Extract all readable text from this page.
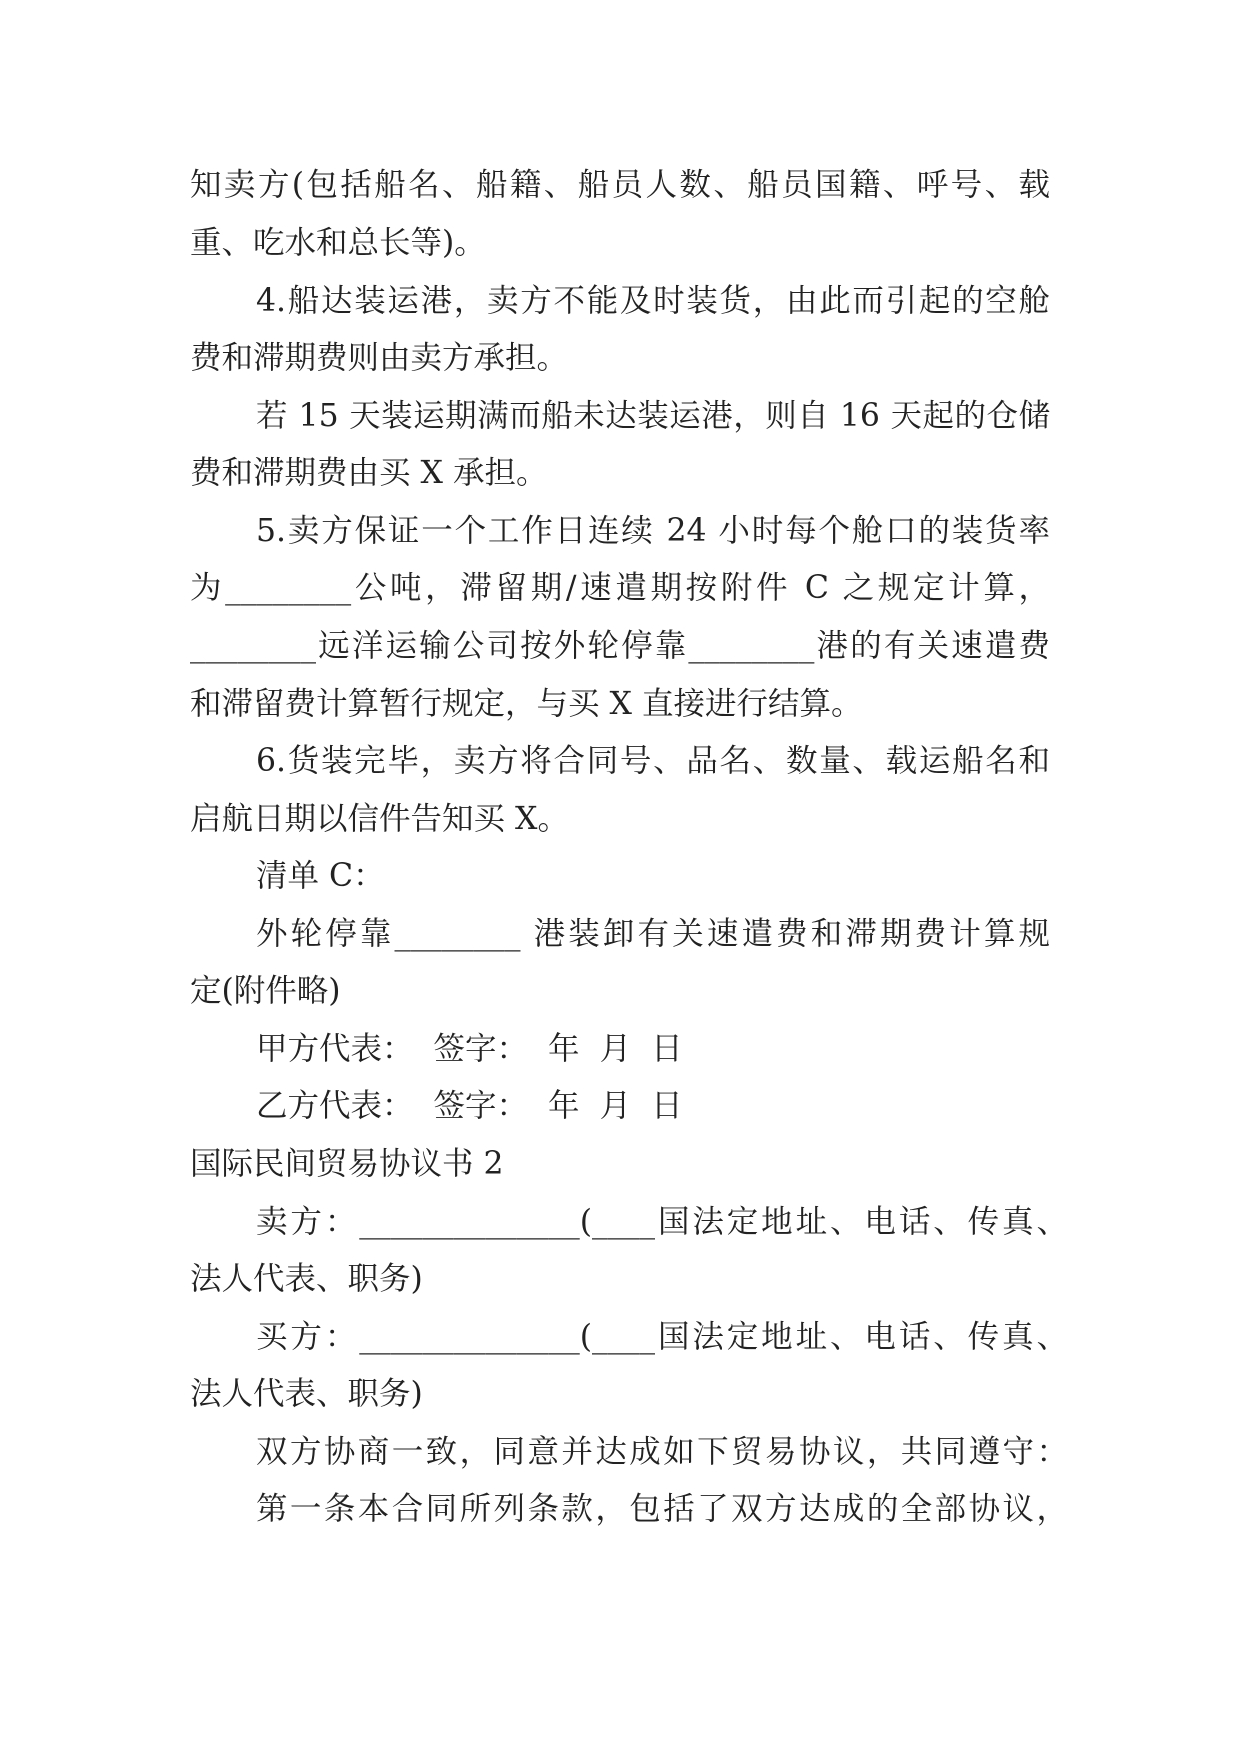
知卖方(包括船名、船籍、船员人数、船员国籍、呼号、载
重、吃水和总长等)。
4.船达装运港，卖方不能及时装货，由此而引起的空舱
费和滞期费则由卖方承担。
若 15 天装运期满而船未达装运港，则自 16 天起的仓储
费和滞期费由买 X 承担。
5.卖方保证一个工作日连续 24 小时每个舱口的装货率
为________公吨，滞留期/速遣期按附件 C 之规定计算，
________远洋运输公司按外轮停靠________港的有关速遣费
和滞留费计算暂行规定，与买 X 直接进行结算。
6.货装完毕，卖方将合同号、品名、数量、载运船名和
启航日期以信件告知买 X。
清单 C：
外轮停靠________ 港装卸有关速遣费和滞期费计算规
定(附件略)
甲方代表：  签字：  年  月  日
乙方代表：  签字：  年  月  日
国际民间贸易协议书 2
卖方：______________(____国法定地址、电话、传真、
法人代表、职务)
买方：______________(____国法定地址、电话、传真、
法人代表、职务)
双方协商一致，同意并达成如下贸易协议，共同遵守：
第一条本合同所列条款，包括了双方达成的全部协议，
